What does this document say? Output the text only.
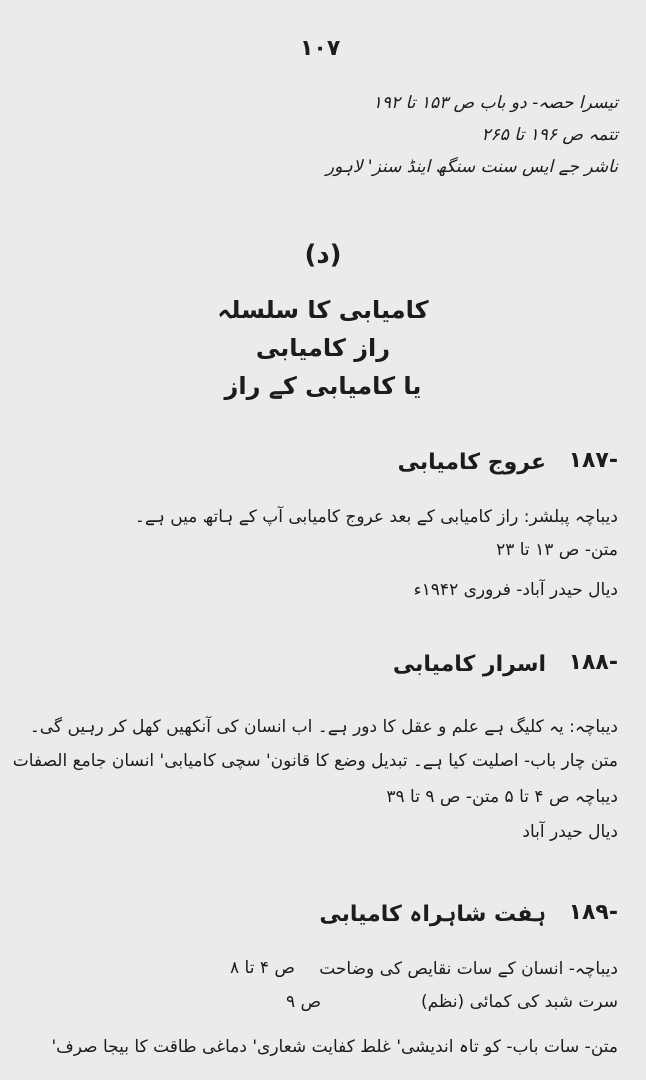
١٠٧
تیسرا حصہ- دو باب ص ۱۵۳ تا ۱۹۲
تتمہ ص ۱۹۶ تا ۲۶۵
ناشر جے ایس سنت سنگھ اینڈ سنز' لاہور
(د)
کامیابی کا سلسلہ
راز کامیابی
یا کامیابی کے راز
۱۸۷-
عروج کامیابی
دیباچہ پبلشر: راز کامیابی کے بعد عروج کامیابی آپ کے ہاتھ میں ہے۔
متن- ص ۱۳ تا ۲۳
دیال حیدر آباد- فروری ۱۹۴۲ء
۱۸۸-
اسرار کامیابی
دیباچہ: یہ کلیگ ہے علم و عقل کا دور ہے۔ اب انسان کی آنکھیں کھل کر رہیں گی۔
متن چار باب- اصلیت کیا ہے۔ تبدیل وضع کا قانون' سچی کامیابی' انسان جامع الصفات
دیباچہ ص ۴ تا ۵ متن- ص ۹ تا ۳۹
دیال حیدر آباد
۱۸۹-
ہفت شاہراہ کامیابی
دیباچہ- انسان کے سات نقایص کی وضاحت
ص ۴ تا ۸
سرت شبد کی کمائی (نظم)
ص ۹
متن- سات باب- کو تاہ اندیشی' غلط کفایت شعاری' دماغی طاقت کا بیجا صرف'
